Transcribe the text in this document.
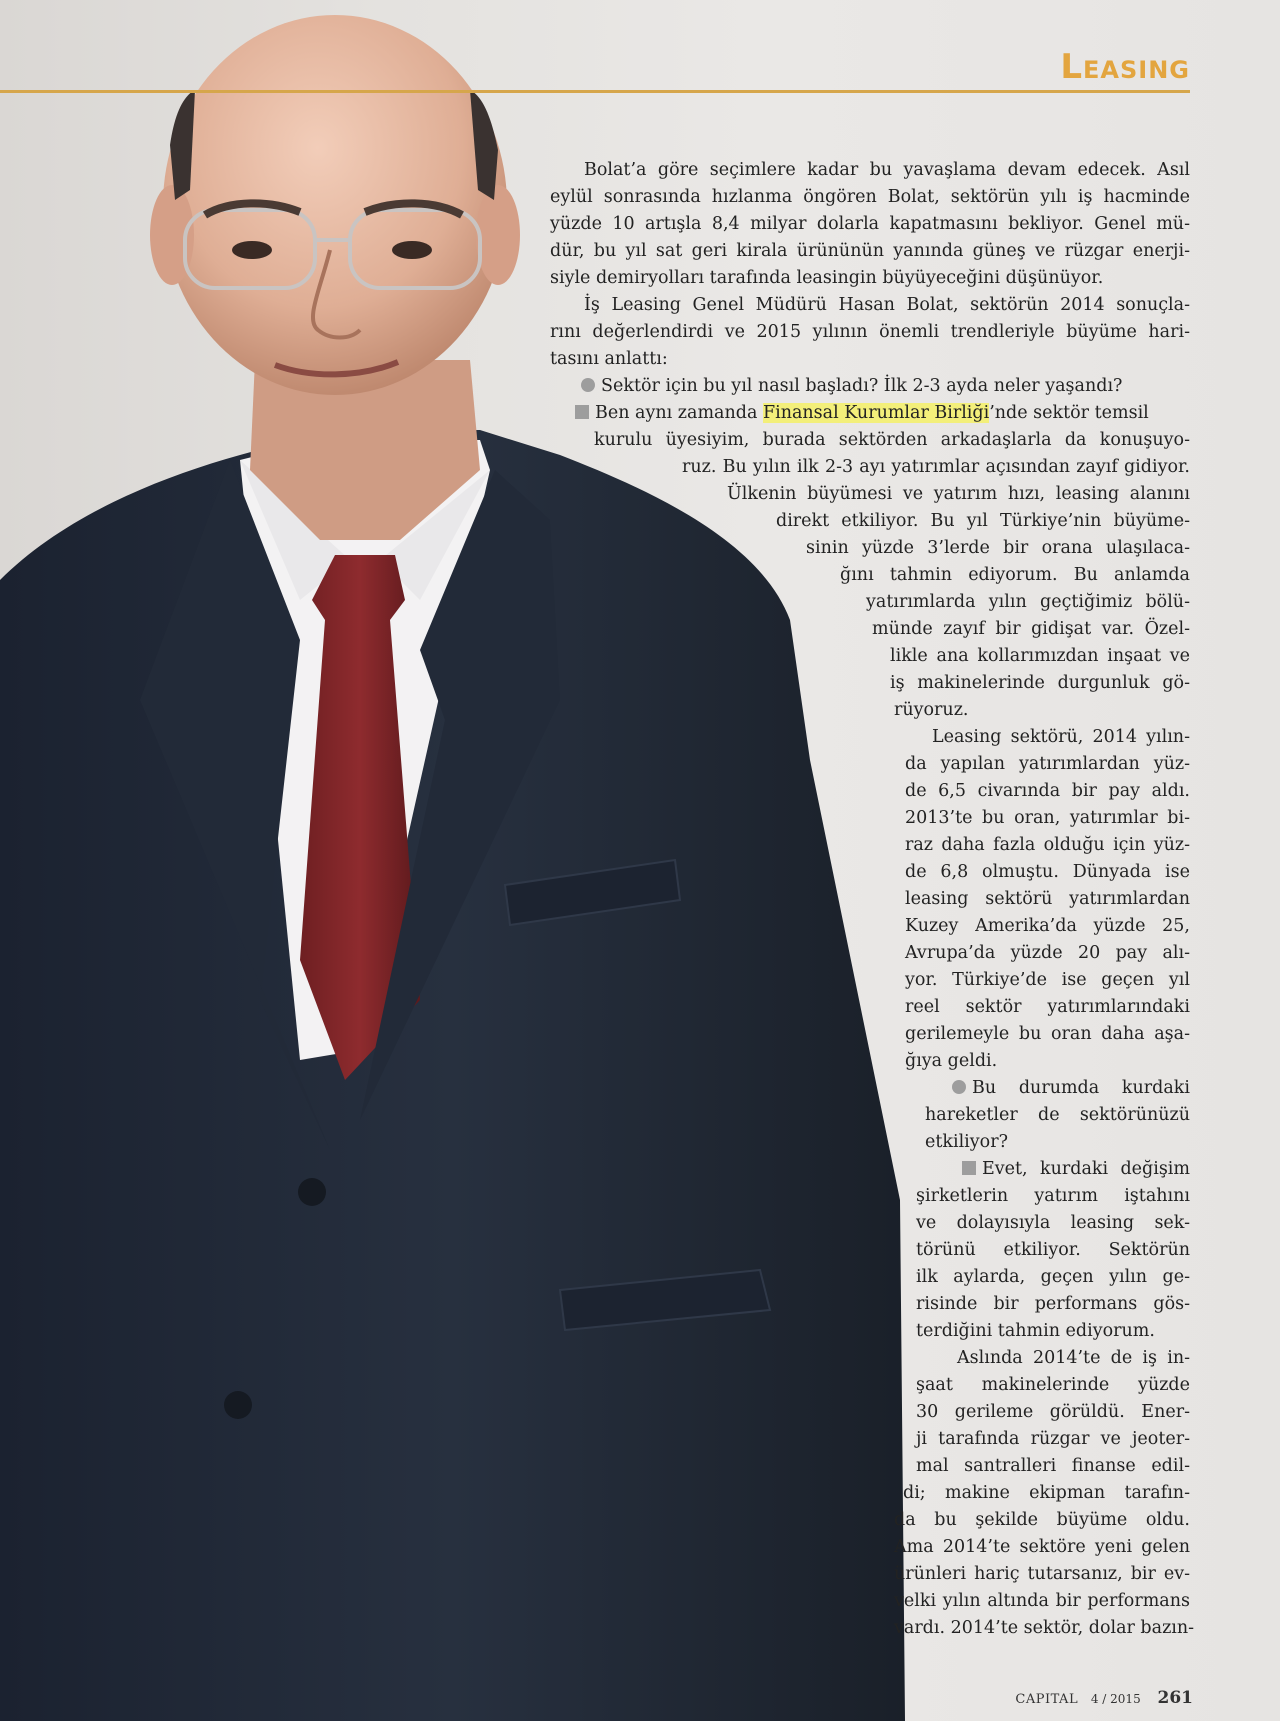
Leasing
Bolat’a göre seçimlere kadar bu yavaşlama devam edecek. Asıl
eylül sonrasında hızlanma öngören Bolat, sektörün yılı iş hacminde
yüzde 10 artışla 8,4 milyar dolarla kapatmasını bekliyor. Genel mü-
dür, bu yıl sat geri kirala ürününün yanında güneş ve rüzgar enerji-
siyle demiryolları tarafında leasingin büyüyeceğini düşünüyor.
İş Leasing Genel Müdürü Hasan Bolat, sektörün 2014 sonuçla-
rını değerlendirdi ve 2015 yılının önemli trendleriyle büyüme hari-
tasını anlattı:
Sektör için bu yıl nasıl başladı? İlk 2-3 ayda neler yaşandı?
Ben aynı zamanda Finansal Kurumlar Birliği’nde sektör temsil
kurulu üyesiyim, burada sektörden arkadaşlarla da konuşuyo-
ruz. Bu yılın ilk 2-3 ayı yatırımlar açısından zayıf gidiyor.
Ülkenin büyümesi ve yatırım hızı, leasing alanını
direkt etkiliyor. Bu yıl Türkiye’nin büyüme-
sinin yüzde 3’lerde bir orana ulaşılaca-
ğını tahmin ediyorum. Bu anlamda
yatırımlarda yılın geçtiğimiz bölü-
münde zayıf bir gidişat var. Özel-
likle ana kollarımızdan inşaat ve
iş makinelerinde durgunluk gö-
rüyoruz.
Leasing sektörü, 2014 yılın-
da yapılan yatırımlardan yüz-
de 6,5 civarında bir pay aldı.
2013’te bu oran, yatırımlar bi-
raz daha fazla olduğu için yüz-
de 6,8 olmuştu. Dünyada ise
leasing sektörü yatırımlardan
Kuzey Amerika’da yüzde 25,
Avrupa’da yüzde 20 pay alı-
yor. Türkiye’de ise geçen yıl
reel sektör yatırımlarındaki
gerilemeyle bu oran daha aşa-
ğıya geldi.
Bu durumda kurdaki
hareketler de sektörünüzü
etkiliyor?
Evet, kurdaki değişim
şirketlerin yatırım iştahını
ve dolayısıyla leasing sek-
törünü etkiliyor. Sektörün
ilk aylarda, geçen yılın ge-
risinde bir performans gös-
terdiğini tahmin ediyorum.
Aslında 2014’te de iş in-
şaat makinelerinde yüzde
30 gerileme görüldü. Ener-
ji tarafında rüzgar ve jeoter-
mal santralleri finanse edil-
di; makine ekipman tarafın-
da bu şekilde büyüme oldu.
Ama 2014’te sektöre yeni gelen
ürünleri hariç tutarsanız, bir ev-
velki yılın altında bir performans
vardı. 2014’te sektör, dolar bazın-
CAPITAL 4 / 2015 261
